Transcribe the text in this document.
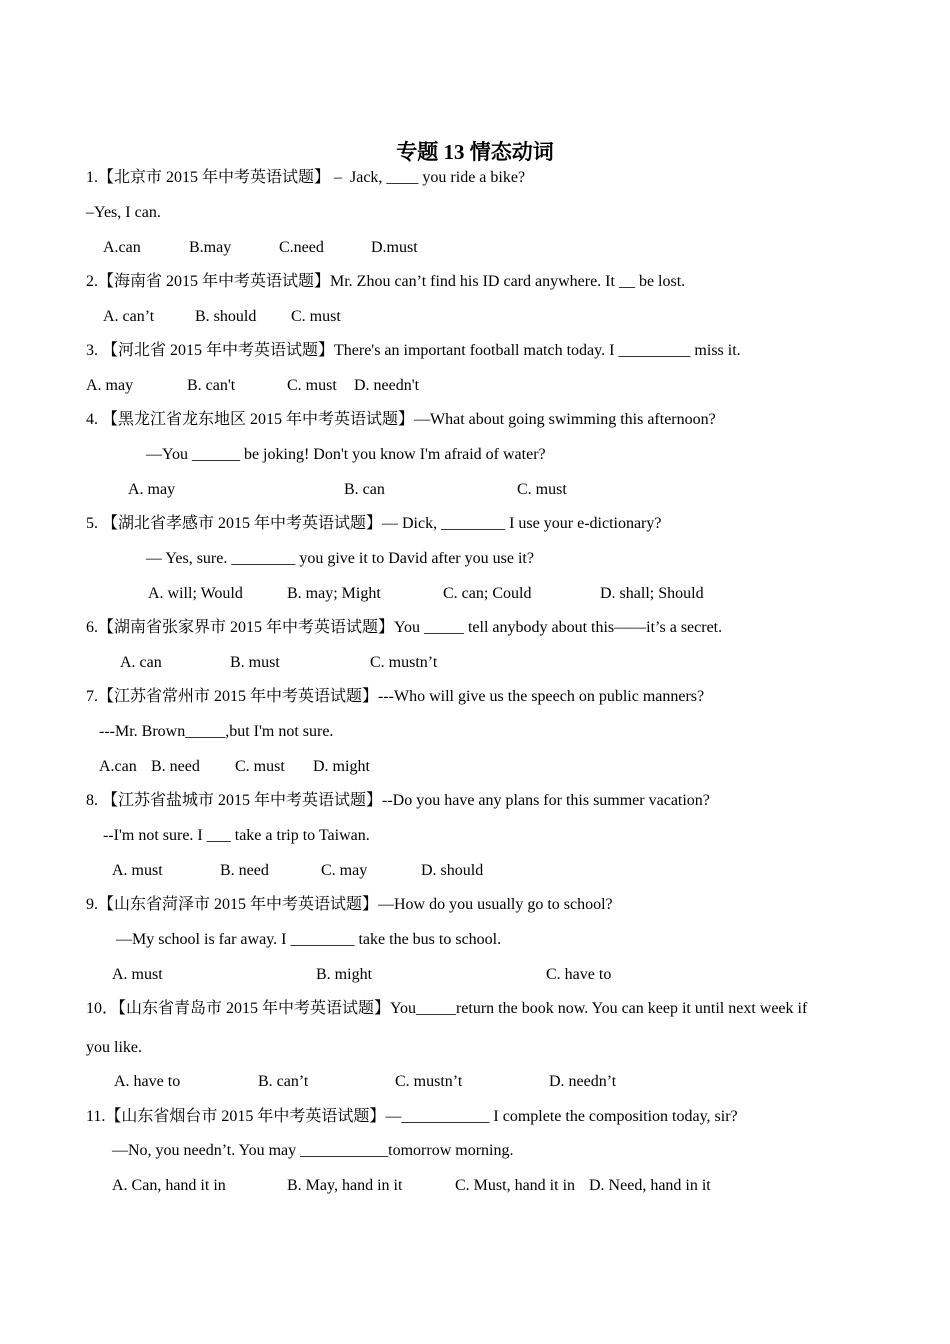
专题 13 情态动词
1.【北京市 2015 年中考英语试题】 –  Jack, ____ you ride a bike?
–Yes, I can.
A.can	B.may	C.need	D.must
2.【海南省 2015 年中考英语试题】Mr. Zhou can’t find his ID card anywhere. It __ be lost.
A. can’t	B. should C. must
3. 【河北省 2015 年中考英语试题】There's an important football match today. I _________ miss it.
A. may	B. can't	C. must D. needn't
4. 【黑龙江省龙东地区 2015 年中考英语试题】—What about going swimming this afternoon?
—You ______ be joking! Don't you know I'm afraid of water?
A. may	B. can	C. must
5. 【湖北省孝感市 2015 年中考英语试题】— Dick, ________ I use your e-dictionary?
— Yes, sure. ________ you give it to David after you use it?
A. will; Would	B. may; Might	C. can; Could	D. shall; Should
6.【湖南省张家界市 2015 年中考英语试题】You _____ tell anybody about this——it’s a secret.
A. can	B. must	C. mustn’t
7.【江苏省常州市 2015 年中考英语试题】---Who will give us the speech on public manners?
---Mr. Brown_____,but I'm not sure.
A.can B. need C. must D. might
8. 【江苏省盐城市 2015 年中考英语试题】--Do you have any plans for this summer vacation?
--I'm not sure. I ___ take a trip to Taiwan.
A. must	B. need	C. may	D. should
9.【山东省菏泽市 2015 年中考英语试题】—How do you usually go to school?
—My school is far away. I ________ take the bus to school.
A. must	B. might	C. have to
10．【山东省青岛市 2015 年中考英语试题】You_____return the book now. You can keep it until next week if
you like.
A. have to	B. can’t	C. mustn’t	D. needn’t
11.【山东省烟台市 2015 年中考英语试题】—___________ I complete the composition today, sir?
—No, you needn’t. You may ___________tomorrow morning.
A. Can, hand it in	B. May, hand in it	C. Must, hand it in D. Need, hand in it
